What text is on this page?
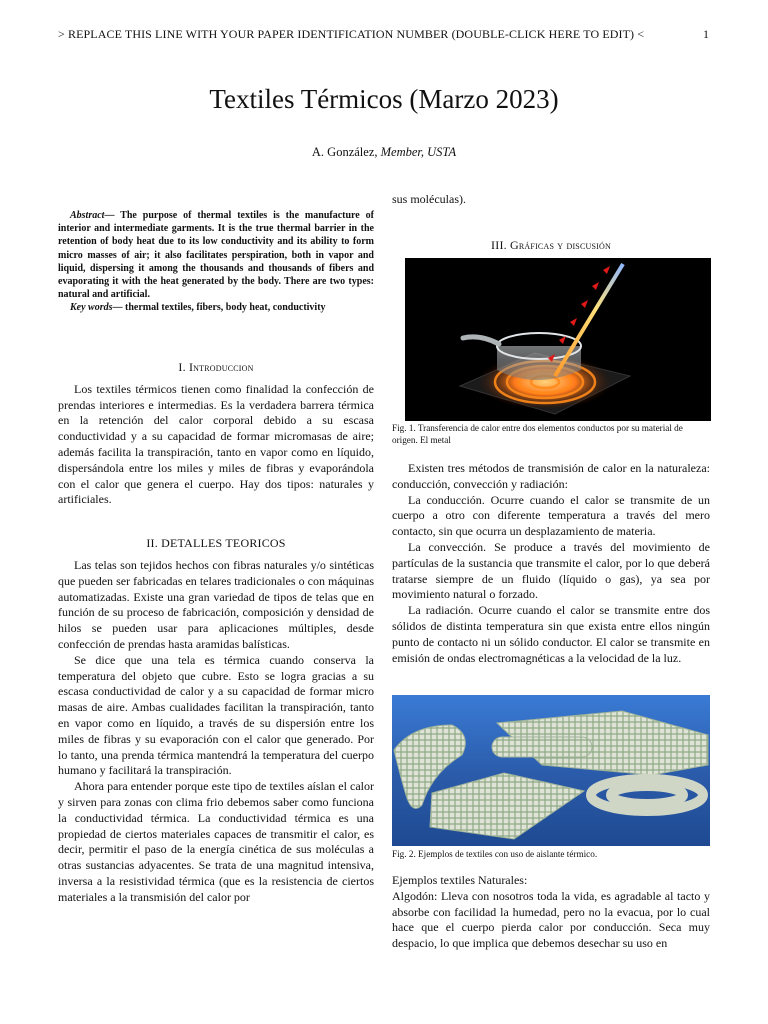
> REPLACE THIS LINE WITH YOUR PAPER IDENTIFICATION NUMBER (DOUBLE-CLICK HERE TO EDIT) <	1
Textiles Térmicos (Marzo 2023)
A. González, Member, USTA

Abstract— The purpose of thermal textiles is the manufacture of interior and intermediate garments. It is the true thermal barrier in the retention of body heat due to its low conductivity and its ability to form micro masses of air; it also facilitates perspiration, both in vapor and liquid, dispersing it among the thousands and thousands of fibers and evaporating it with the heat generated by the body. There are two types: natural and artificial.

Key words— thermal textiles, fibers, body heat, conductivity

I. Introduccion

Los textiles térmicos tienen como finalidad la confección de prendas interiores e intermedias. Es la verdadera barrera térmica en la retención del calor corporal debido a su escasa conductividad y a su capacidad de formar micromasas de aire; además facilita la transpiración, tanto en vapor como en líquido, dispersándola entre los miles y miles de fibras y evaporándola con el calor que genera el cuerpo. Hay dos tipos: naturales y artificiales.

II. DETALLES TEORICOS

Las telas son tejidos hechos con fibras naturales y/o sintéticas que pueden ser fabricadas en telares tradicionales o con máquinas automatizadas. Existe una gran variedad de tipos de telas que en función de su proceso de fabricación, composición y densidad de hilos se pueden usar para aplicaciones múltiples, desde confección de prendas hasta aramidas balísticas.

Se dice que una tela es térmica cuando conserva la temperatura del objeto que cubre. Esto se logra gracias a su escasa conductividad de calor y a su capacidad de formar micro masas de aire. Ambas cualidades facilitan la transpiración, tanto en vapor como en líquido, a través de su dispersión entre los miles de fibras y su evaporación con el calor que generado. Por lo tanto, una prenda térmica mantendrá la temperatura del cuerpo humano y facilitará la transpiración.

Ahora para entender porque este tipo de textiles aíslan el calor y sirven para zonas con clima frio debemos saber como funciona la conductividad térmica. La conductividad térmica es una propiedad de ciertos materiales capaces de transmitir el calor, es decir, permitir el paso de la energía cinética de sus moléculas a otras sustancias adyacentes. Se trata de una magnitud intensiva, inversa a la resistividad térmica (que es la resistencia de ciertos materiales a la transmisión del calor por

sus moléculas).

III. Gráficas y discusión
Fig. 1. Transferencia de calor entre dos elementos conductos por su material de origen. El metal

Existen tres métodos de transmisión de calor en la naturaleza: conducción, convección y radiación:

La conducción. Ocurre cuando el calor se transmite de un cuerpo a otro con diferente temperatura a través del mero contacto, sin que ocurra un desplazamiento de materia.

La convección. Se produce a través del movimiento de partículas de la sustancia que transmite el calor, por lo que deberá tratarse siempre de un fluido (líquido o gas), ya sea por movimiento natural o forzado.

La radiación. Ocurre cuando el calor se transmite entre dos sólidos de distinta temperatura sin que exista entre ellos ningún punto de contacto ni un sólido conductor. El calor se transmite en emisión de ondas electromagnéticas a la velocidad de la luz.

Fig. 2. Ejemplos de textiles con uso de aislante térmico.

Ejemplos textiles Naturales:

Algodón: Lleva con nosotros toda la vida, es agradable al tacto y absorbe con facilidad la humedad, pero no la evacua, por lo cual hace que el cuerpo pierda calor por conducción. Seca muy despacio, lo que implica que debemos desechar su uso en
